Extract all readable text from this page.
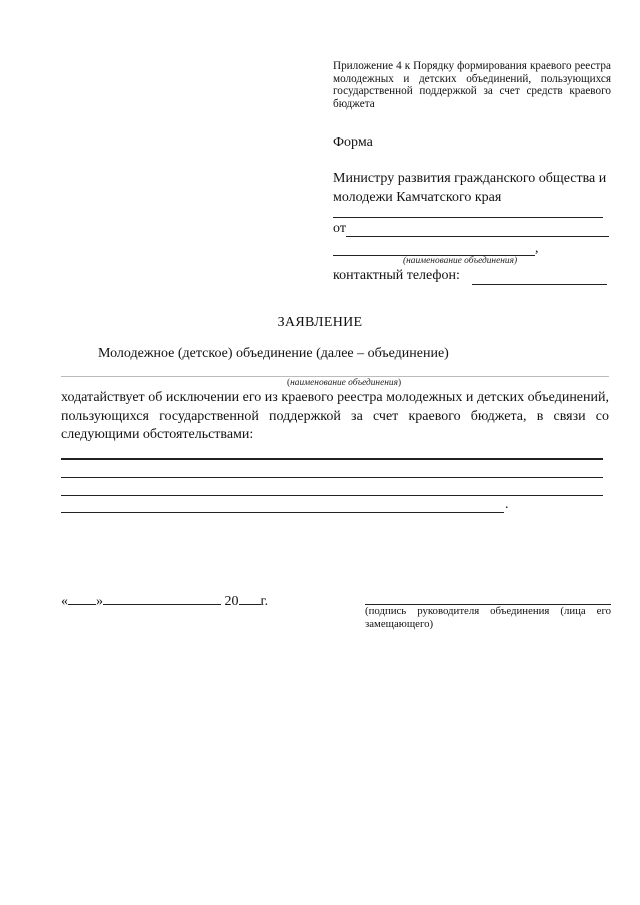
Приложение 4 к Порядку формирования краевого реестра молодежных и детских объединений, пользующихся государственной поддержкой за счет средств краевого бюджета
Форма
Министру развития гражданского общества и молодежи Камчатского края
от
,
(наименование объединения)
контактный телефон:
ЗАЯВЛЕНИЕ
Молодежное (детское) объединение (далее – объединение)
(наименование объединения)
ходатайствует об исключении его из краевого реестра молодежных и детских объединений, пользующихся государственной поддержкой за счет краевого бюджета, в связи со следующими обстоятельствами:
.
« »	20 г.
(подпись руководителя объединения (лица его замещающего)
